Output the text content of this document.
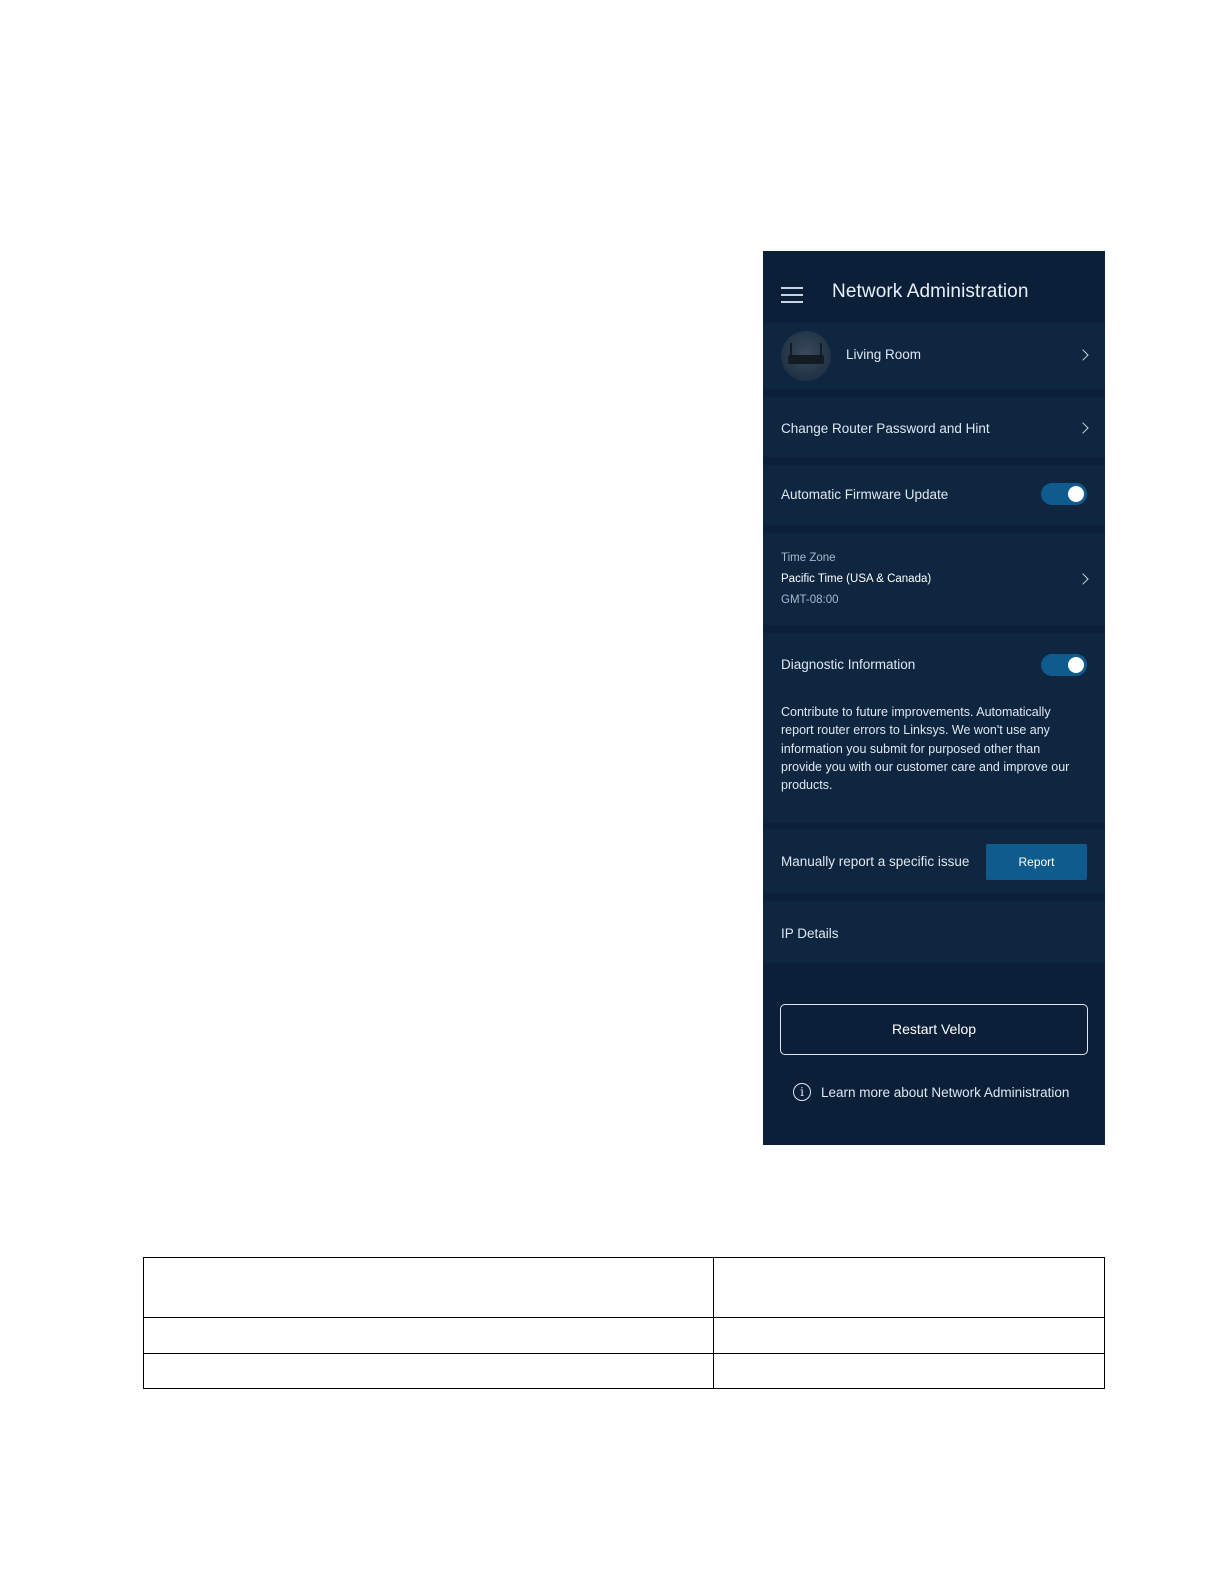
Network Administration
Living Room
Change Router Password and Hint
Automatic Firmware Update
Time Zone
Pacific Time (USA & Canada)
GMT-08:00
Diagnostic Information
Contribute to future improvements. Automatically report router errors to Linksys. We won't use any information you submit for purposed other than provide you with our customer care and improve our products.
Manually report a specific issue	Report
IP Details
Restart Velop
i	Learn more about Network Administration
